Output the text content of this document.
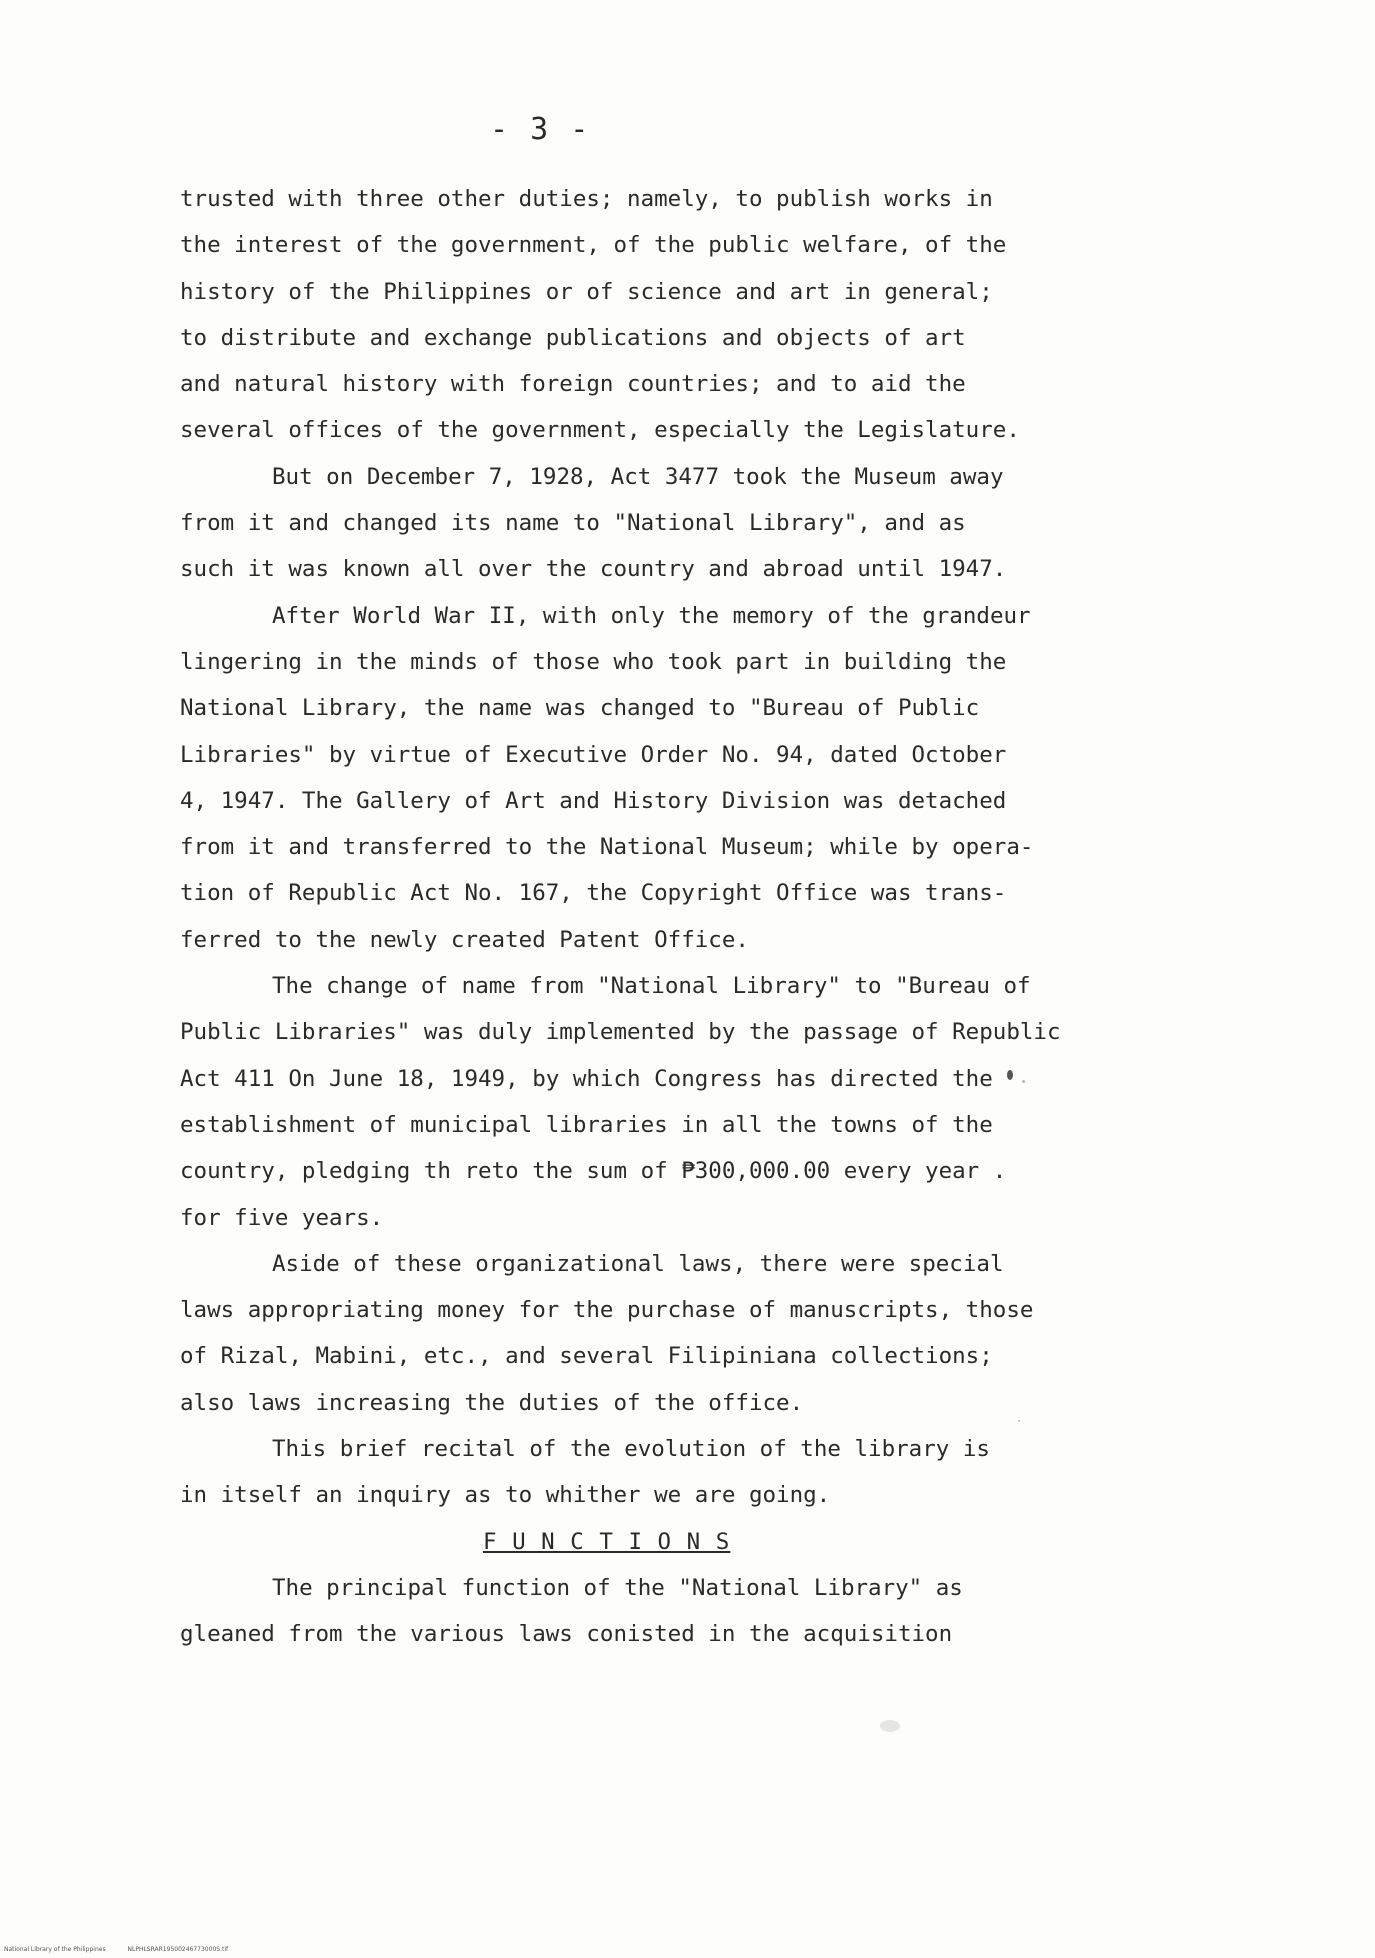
- 3 -
trusted with three other duties; namely, to publish works in
the interest of the government, of the public welfare, of the
history of the Philippines or of science and art in general;
to distribute and exchange publications and objects of art
and natural history with foreign countries; and to aid the
several offices of the government, especially the Legislature.
But on December 7, 1928, Act 3477 took the Museum away
from it and changed its name to "National Library", and as
such it was known all over the country and abroad until 1947.
After World War II, with only the memory of the grandeur
lingering in the minds of those who took part in building the
National Library, the name was changed to "Bureau of Public
Libraries" by virtue of Executive Order No. 94, dated October
4, 1947. The Gallery of Art and History Division was detached
from it and transferred to the National Museum; while by opera-
tion of Republic Act No. 167, the Copyright Office was trans-
ferred to the newly created Patent Office.
The change of name from "National Library" to "Bureau of
Public Libraries" was duly implemented by the passage of Republic
Act 411 On June 18, 1949, by which Congress has directed the
establishment of municipal libraries in all the towns of the
country, pledging th reto the sum of ₱300,000.00 every year .
for five years.
Aside of these organizational laws, there were special
laws appropriating money for the purchase of manuscripts, those
of Rizal, Mabini, etc., and several Filipiniana collections;
also laws increasing the duties of the office.
This brief recital of the evolution of the library is
in itself an inquiry as to whither we are going.
F U N C T I O N S
The principal function of the "National Library" as
gleaned from the various laws conisted in the acquisition
National Library of the Philippines	NLPHLSRAR19500246773000S.tif
